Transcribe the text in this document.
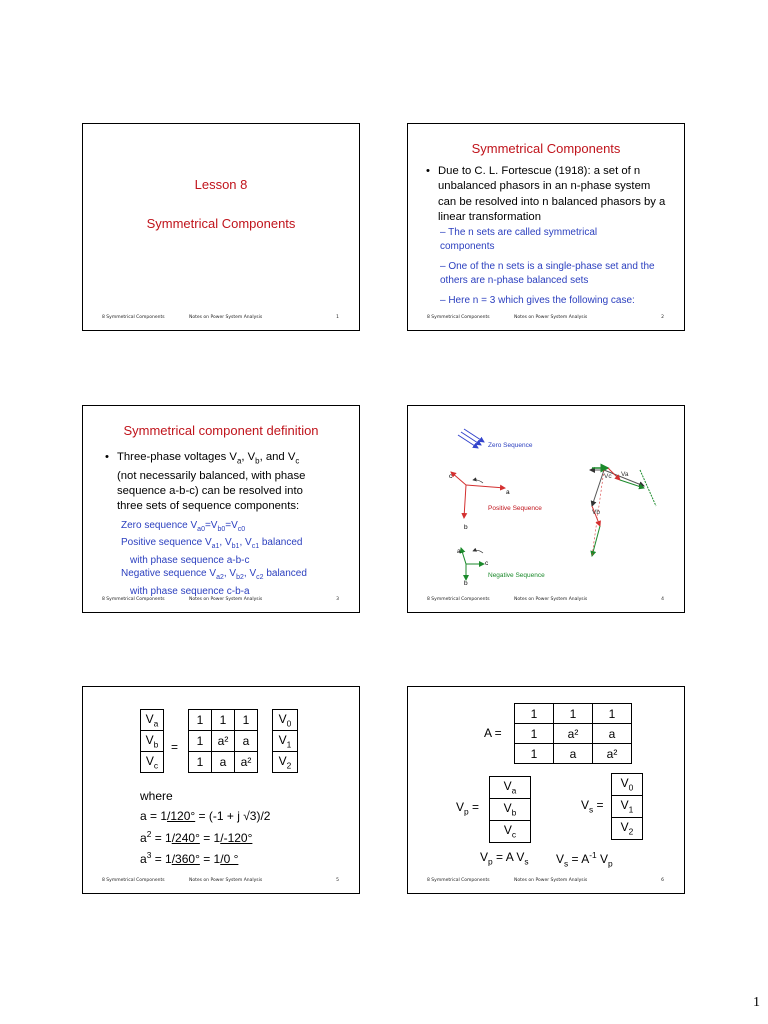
Lesson 8
Symmetrical Components
8 Symmetrical Components	Notes on Power System Analysis	1
Symmetrical Components
• Due to C. L. Fortescue (1918): a set of n unbalanced phasors in an n-phase system can be resolved into n balanced phasors by a linear transformation
– The n sets are called symmetrical components
– One of the n sets is a single-phase set and the others are n-phase balanced sets
– Here n = 3 which gives the following case:
8 Symmetrical Components	Notes on Power System Analysis	2
Symmetrical component definition
• Three-phase voltages $V_a$, $V_b$, and $V_c$
(not necessarily balanced, with phase
sequence a-b-c) can be resolved into
three sets of sequence components:
Zero sequence $V_{a0}=V_{b0}=V_{c0}$
Positive sequence $V_{a1}$, $V_{b1}$, $V_{c1}$ balanced
with phase sequence a-b-c
Negative sequence $V_{a2}$, $V_{b2}$, $V_{c2}$ balanced
with phase sequence c-b-a
8 Symmetrical Components	Notes on Power System Analysis	3
Zero Sequence
a
c
b
Positive Sequence
a
c
b
Negative Sequence
Vc Va
Vb
8 Symmetrical Components	Notes on Power System Analysis	4
$V_a$
$V_b$
$V_c$
=
1	1	1
1	a²	a
1	a	a²
$V_0$
$V_1$
$V_2$
where
a = 1/120° = (-1 + j √3)/2
$a^2 = 1/240^\circ = 1/-120^\circ$
$a^3 = 1/360^\circ = 1/0$ °
8 Symmetrical Components	Notes on Power System Analysis	5
A =
1	1	1
1	a²	a
1	a	a²
$V_p$ =
$V_a$
$V_b$
$V_c$
$V_s$ =
$V_0$
$V_1$
$V_2$
$V_p = A$ $V_s$ $V_s = A^{-1}$ $V_p$
8 Symmetrical Components	Notes on Power System Analysis	6
1
